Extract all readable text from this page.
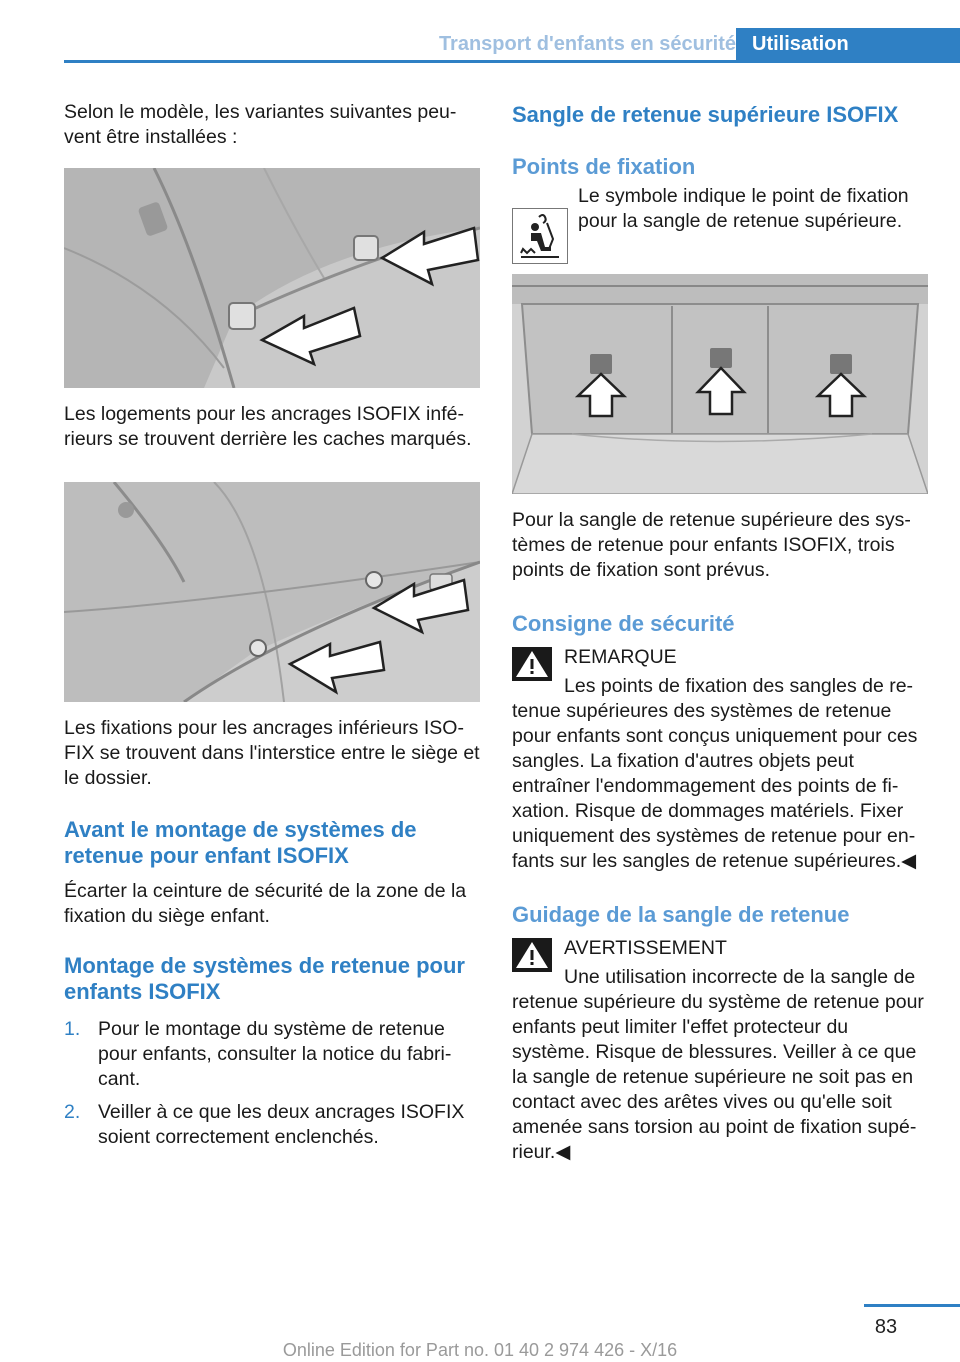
Transport d'enfants en sécurité Utilisation

Selon le modèle, les variantes suivantes peu-vent être installées :

Les logements pour les ancrages ISOFIX infé-rieurs se trouvent derrière les caches marqués.

Les fixations pour les ancrages inférieurs ISO-FIX se trouvent dans l'interstice entre le siège et le dossier.

Avant le montage de systèmes de retenue pour enfant ISOFIX

Écarter la ceinture de sécurité de la zone de la fixation du siège enfant.

Montage de systèmes de retenue pour enfants ISOFIX
1. Pour le montage du système de retenue pour enfants, consulter la notice du fabri-cant.
2. Veiller à ce que les deux ancrages ISOFIX soient correctement enclenchés.
Sangle de retenue supérieure ISOFIX
Points de fixation

Le symbole indique le point de fixation pour la sangle de retenue supérieure.

Pour la sangle de retenue supérieure des sys-tèmes de retenue pour enfants ISOFIX, trois points de fixation sont prévus.

Consigne de sécurité
REMARQUE
Les points de fixation des sangles de re-tenue supérieures des systèmes de retenue pour enfants sont conçus uniquement pour ces sangles. La fixation d'autres objets peut entraîner l'endommagement des points de fi-xation. Risque de dommages matériels. Fixer uniquement des systèmes de retenue pour en-fants sur les sangles de retenue supérieures.◀
Guidage de la sangle de retenue
AVERTISSEMENT
Une utilisation incorrecte de la sangle de retenue supérieure du système de retenue pour enfants peut limiter l'effet protecteur du système. Risque de blessures. Veiller à ce que la sangle de retenue supérieure ne soit pas en contact avec des arêtes vives ou qu'elle soit amenée sans torsion au point de fixation supé-rieur.◀
83
Online Edition for Part no. 01 40 2 974 426 - X/16
